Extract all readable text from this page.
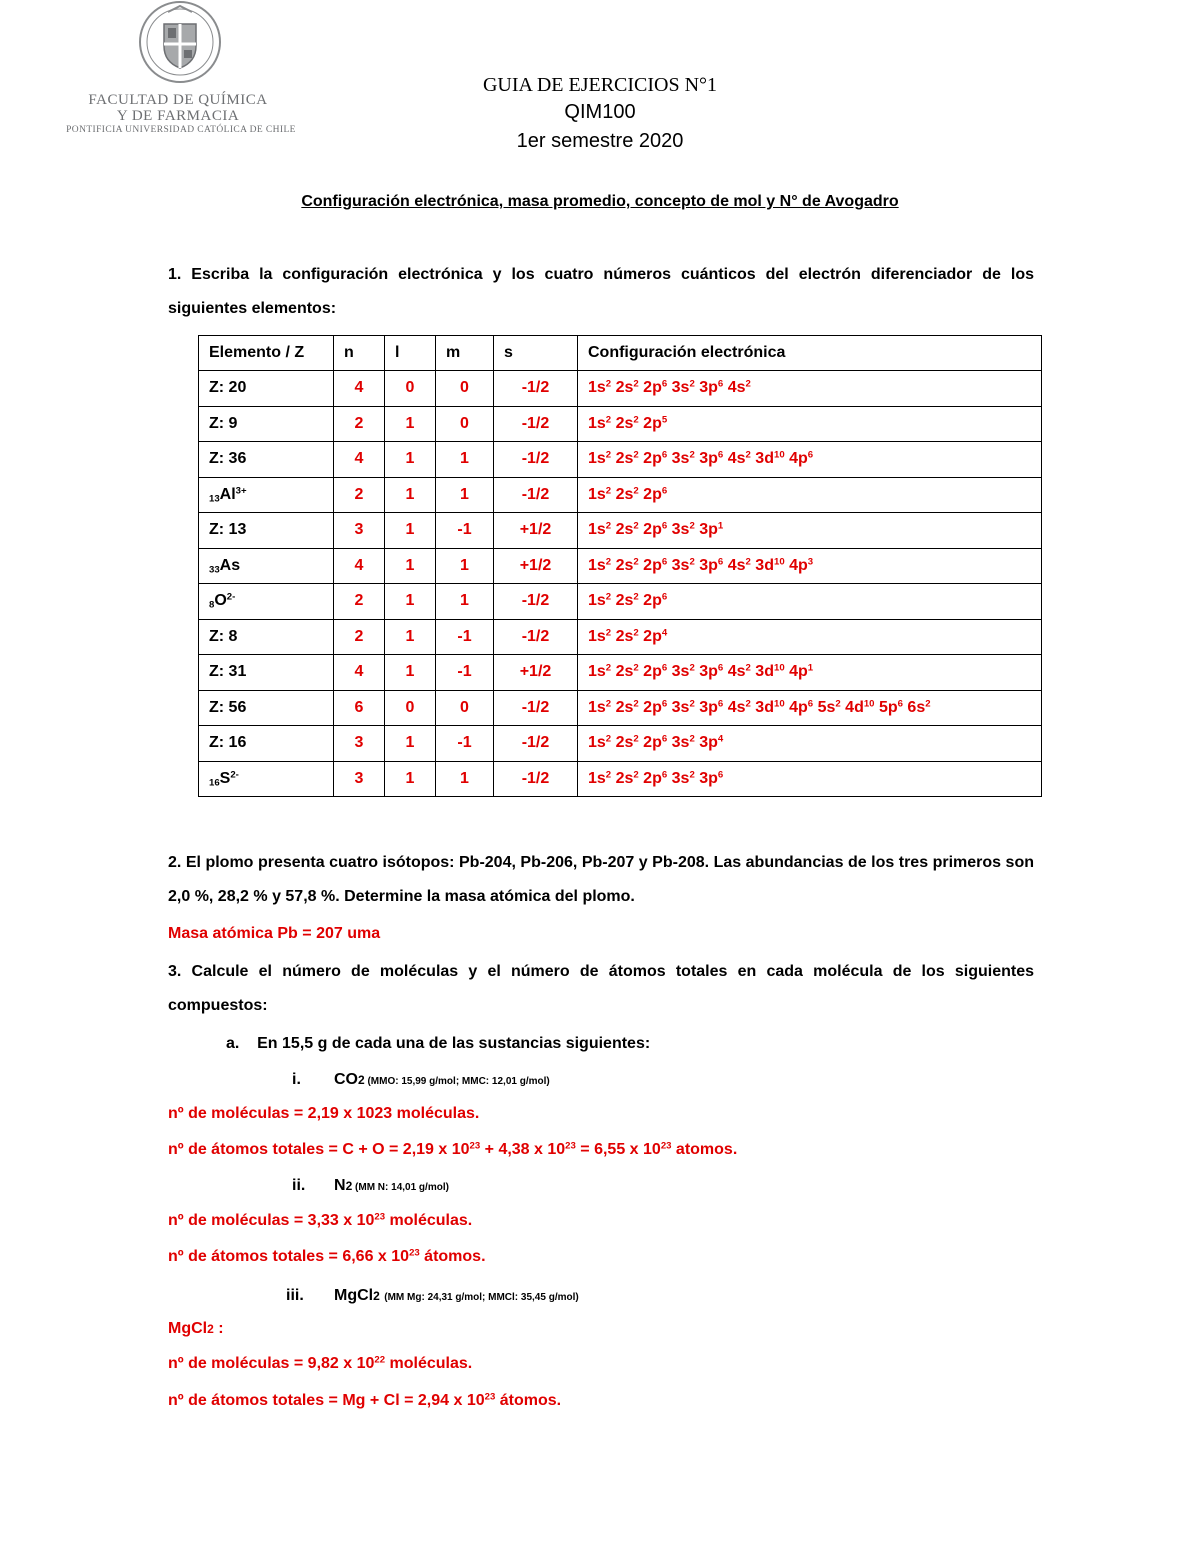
FACULTAD DE QUÍMICA
Y DE FARMACIA
PONTIFICIA UNIVERSIDAD CATÓLICA DE CHILE
GUIA DE EJERCICIOS N°1
QIM100
1er semestre 2020
Configuración electrónica, masa promedio, concepto de mol y N° de Avogadro
1. Escriba la configuración electrónica y los cuatro números cuánticos del electrón diferenciador de los siguientes elementos:
Elemento / Z	n	l	m	s	Configuración electrónica
Z: 20	4	0	0	-1/2	$1s^2$ $2s^2$ $2p^6$ $3s^2$ $3p^6$ $4s^2$
Z: 9	2	1	0	-1/2	$1s^2$ $2s^2$ $2p^5$
Z: 36	4	1	1	-1/2	$1s^2$ $2s^2$ $2p^6$ $3s^2$ $3p^6$ $4s^2$ $3d^{10}$ $4p^6$
$_{13}Al^{3+}$	2	1	1	-1/2	$1s^2$ $2s^2$ $2p^6$
Z: 13	3	1	-1	+1/2	$1s^2$ $2s^2$ $2p^6$ $3s^2$ $3p^1$
$_{33}$As	4	1	1	+1/2	$1s^2$ $2s^2$ $2p^6$ $3s^2$ $3p^6$ $4s^2$ $3d^{10}$ $4p^3$
$_8O^{2-}$	2	1	1	-1/2	$1s^2$ $2s^2$ $2p^6$
Z: 8	2	1	-1	-1/2	$1s^2$ $2s^2$ $2p^4$
Z: 31	4	1	-1	+1/2	$1s^2$ $2s^2$ $2p^6$ $3s^2$ $3p^6$ $4s^2$ $3d^{10}$ $4p^1$
Z: 56	6	0	0	-1/2	$1s^2$ $2s^2$ $2p^6$ $3s^2$ $3p^6$ $4s^2$ $3d^{10}$ $4p^6$ $5s^2$ $4d^{10}$ $5p^6$ $6s^2$
Z: 16	3	1	-1	-1/2	$1s^2$ $2s^2$ $2p^6$ $3s^2$ $3p^4$
$_{16}S^{2-}$	3	1	1	-1/2	$1s^2$ $2s^2$ $2p^6$ $3s^2$ $3p^6$
2. El plomo presenta cuatro isótopos: Pb-204, Pb-206, Pb-207 y Pb-208. Las abundancias de los tres primeros son 2,0 %, 28,2 % y 57,8 %. Determine la masa atómica del plomo.
Masa atómica Pb = 207 uma
3. Calcule el número de moléculas y el número de átomos totales en cada molécula de los siguientes compuestos:
a.    En 15,5 g de cada una de las sustancias siguientes:
i. CO2 (MMO: 15,99 g/mol; MMC: 12,01 g/mol)
nº de moléculas = 2,19 x 1023 moléculas.
nº de átomos totales = C + O = 2,19 x $10^{23} + 4,38$ x $10^{23} = 6,55$ x $10^{23}$ atomos.
ii. N2 (MM N: 14,01 g/mol)
nº de moléculas = 3,33 x $10^{23}$ moléculas.
nº de átomos totales = 6,66 x $10^{23}$ átomos.
iii. MgCl2 (MM Mg: 24,31 g/mol; MMCl: 35,45 g/mol)
MgCl2 :
nº de moléculas = 9,82 x $10^{22}$ moléculas.
nº de átomos totales = Mg + Cl = 2,94 x $10^{23}$ átomos.
